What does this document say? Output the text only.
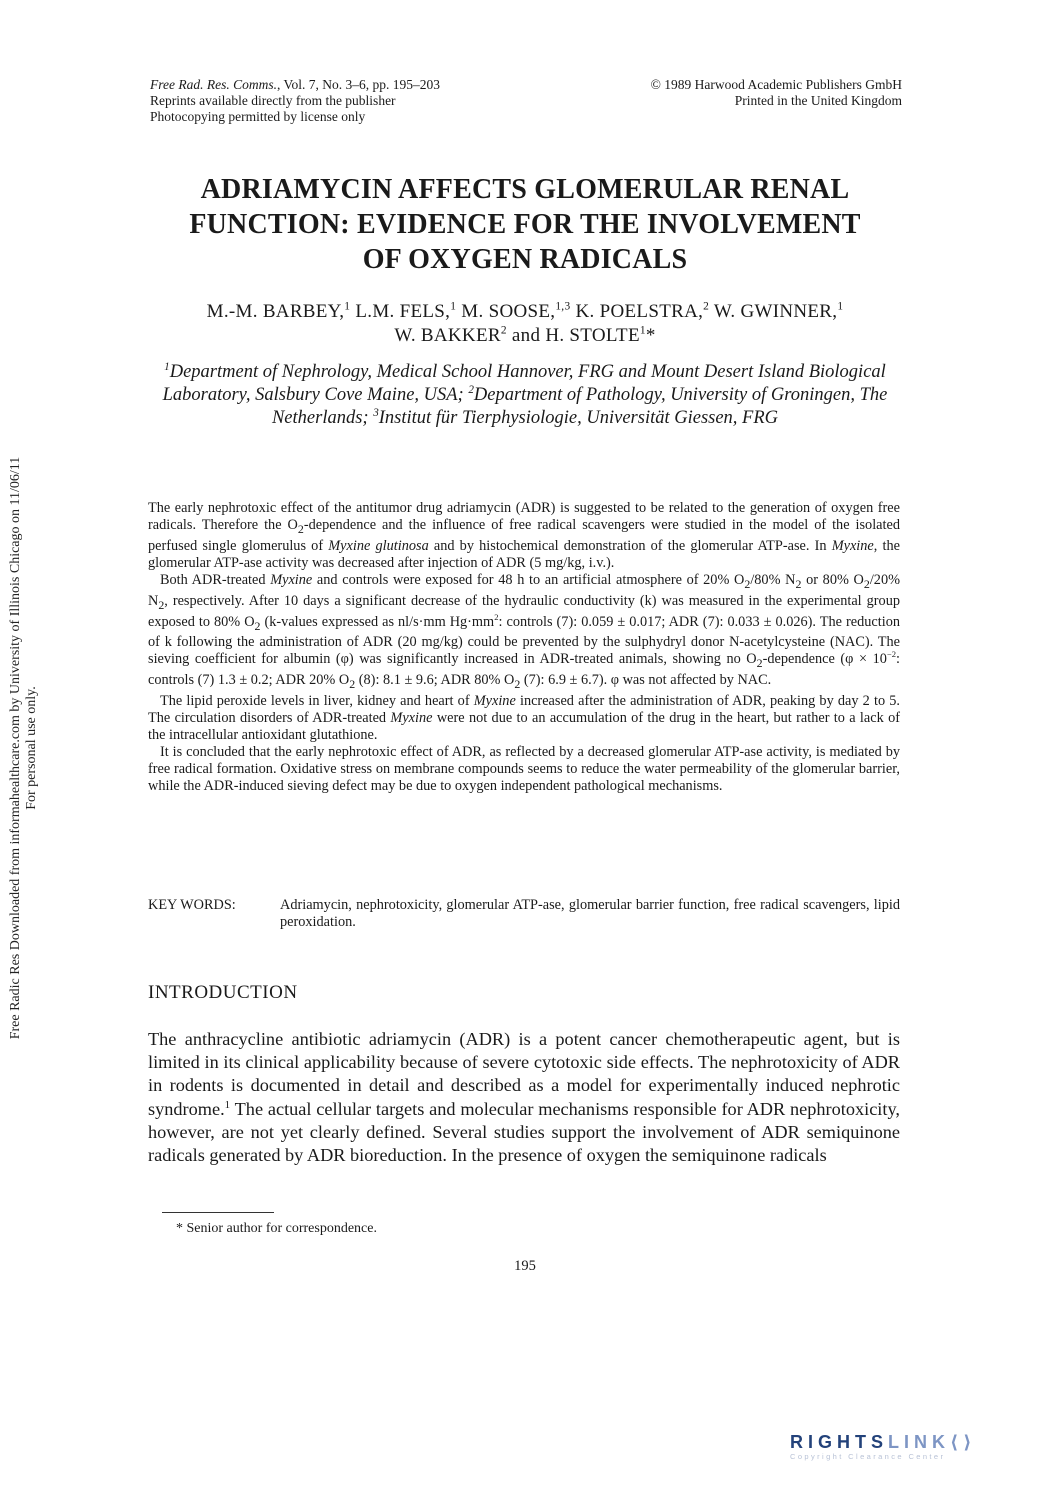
Free Rad. Res. Comms., Vol. 7, No. 3–6, pp. 195–203
Reprints available directly from the publisher
Photocopying permitted by license only
© 1989 Harwood Academic Publishers GmbH
Printed in the United Kingdom
ADRIAMYCIN AFFECTS GLOMERULAR RENAL
FUNCTION: EVIDENCE FOR THE INVOLVEMENT
OF OXYGEN RADICALS
M.-M. BARBEY,$^1$ L.M. FELS,$^1$ M. SOOSE,$^{1,3}$ K. POELSTRA,$^2$ W. GWINNER,$^1$
W. BAKKER$^2$ and H. STOLTE$^1$*
$^1$Department of Nephrology, Medical School Hannover, FRG and Mount Desert Island Biological Laboratory, Salsbury Cove Maine, USA; $^2$Department of Pathology, University of Groningen, The Netherlands; $^3$Institut für Tierphysiologie, Universität Giessen, FRG

The early nephrotoxic effect of the antitumor drug adriamycin (ADR) is suggested to be related to the generation of oxygen free radicals. Therefore the $O_2$-dependence and the influence of free radical scavengers were studied in the model of the isolated perfused single glomerulus of Myxine glutinosa and by histochemical demonstration of the glomerular ATP-ase. In Myxine, the glomerular ATP-ase activity was decreased after injection of ADR (5 mg/kg, i.v.).

Both ADR-treated Myxine and controls were exposed for 48 h to an artificial atmosphere of 20% $O_2/80\%$ $N_2$ or 80% $O_2/20\%$ $N_2$, respectively. After 10 days a significant decrease of the hydraulic conductivity (k) was measured in the experimental group exposed to 80% $O_2$ (k-values expressed as nl/s·mm $Hg\cdot mm^2$: controls (7): 0.059 ± 0.017; ADR (7): 0.033 ± 0.026). The reduction of k following the administration of ADR (20 mg/kg) could be prevented by the sulphydryl donor N-acetylcysteine (NAC). The sieving coefficient for albumin (φ) was significantly increased in ADR-treated animals, showing no $O_2$-dependence ($\varphi \times 10^{-2}$: controls (7) 1.3 ± 0.2; ADR 20% $O_2$ (8): 8.1 ± 9.6; ADR 80% $O_2$ (7): 6.9 ± 6.7). φ was not affected by NAC.

The lipid peroxide levels in liver, kidney and heart of Myxine increased after the administration of ADR, peaking by day 2 to 5. The circulation disorders of ADR-treated Myxine were not due to an accumulation of the drug in the heart, but rather to a lack of the intracellular antioxidant glutathione.

It is concluded that the early nephrotoxic effect of ADR, as reflected by a decreased glomerular ATP-ase activity, is mediated by free radical formation. Oxidative stress on membrane compounds seems to reduce the water permeability of the glomerular barrier, while the ADR-induced sieving defect may be due to oxygen independent pathological mechanisms.

KEY WORDS:	Adriamycin, nephrotoxicity, glomerular ATP-ase, glomerular barrier function, free radical scavengers, lipid peroxidation.
INTRODUCTION

The anthracycline antibiotic adriamycin (ADR) is a potent cancer chemotherapeutic agent, but is limited in its clinical applicability because of severe cytotoxic side effects. The nephrotoxicity of ADR in rodents is documented in detail and described as a model for experimentally induced nephrotic syndrome.$^1$ The actual cellular targets and molecular mechanisms responsible for ADR nephrotoxicity, however, are not yet clearly defined. Several studies support the involvement of ADR semiquinone radicals generated by ADR bioreduction. In the presence of oxygen the semiquinone radicals

* Senior author for correspondence.
195
Free Radic Res Downloaded from informahealthcare.com by University of Illinois Chicago on 11/06/11 For personal use only.
RIGHTSLINK⟨⟩
Copyright Clearance Center
